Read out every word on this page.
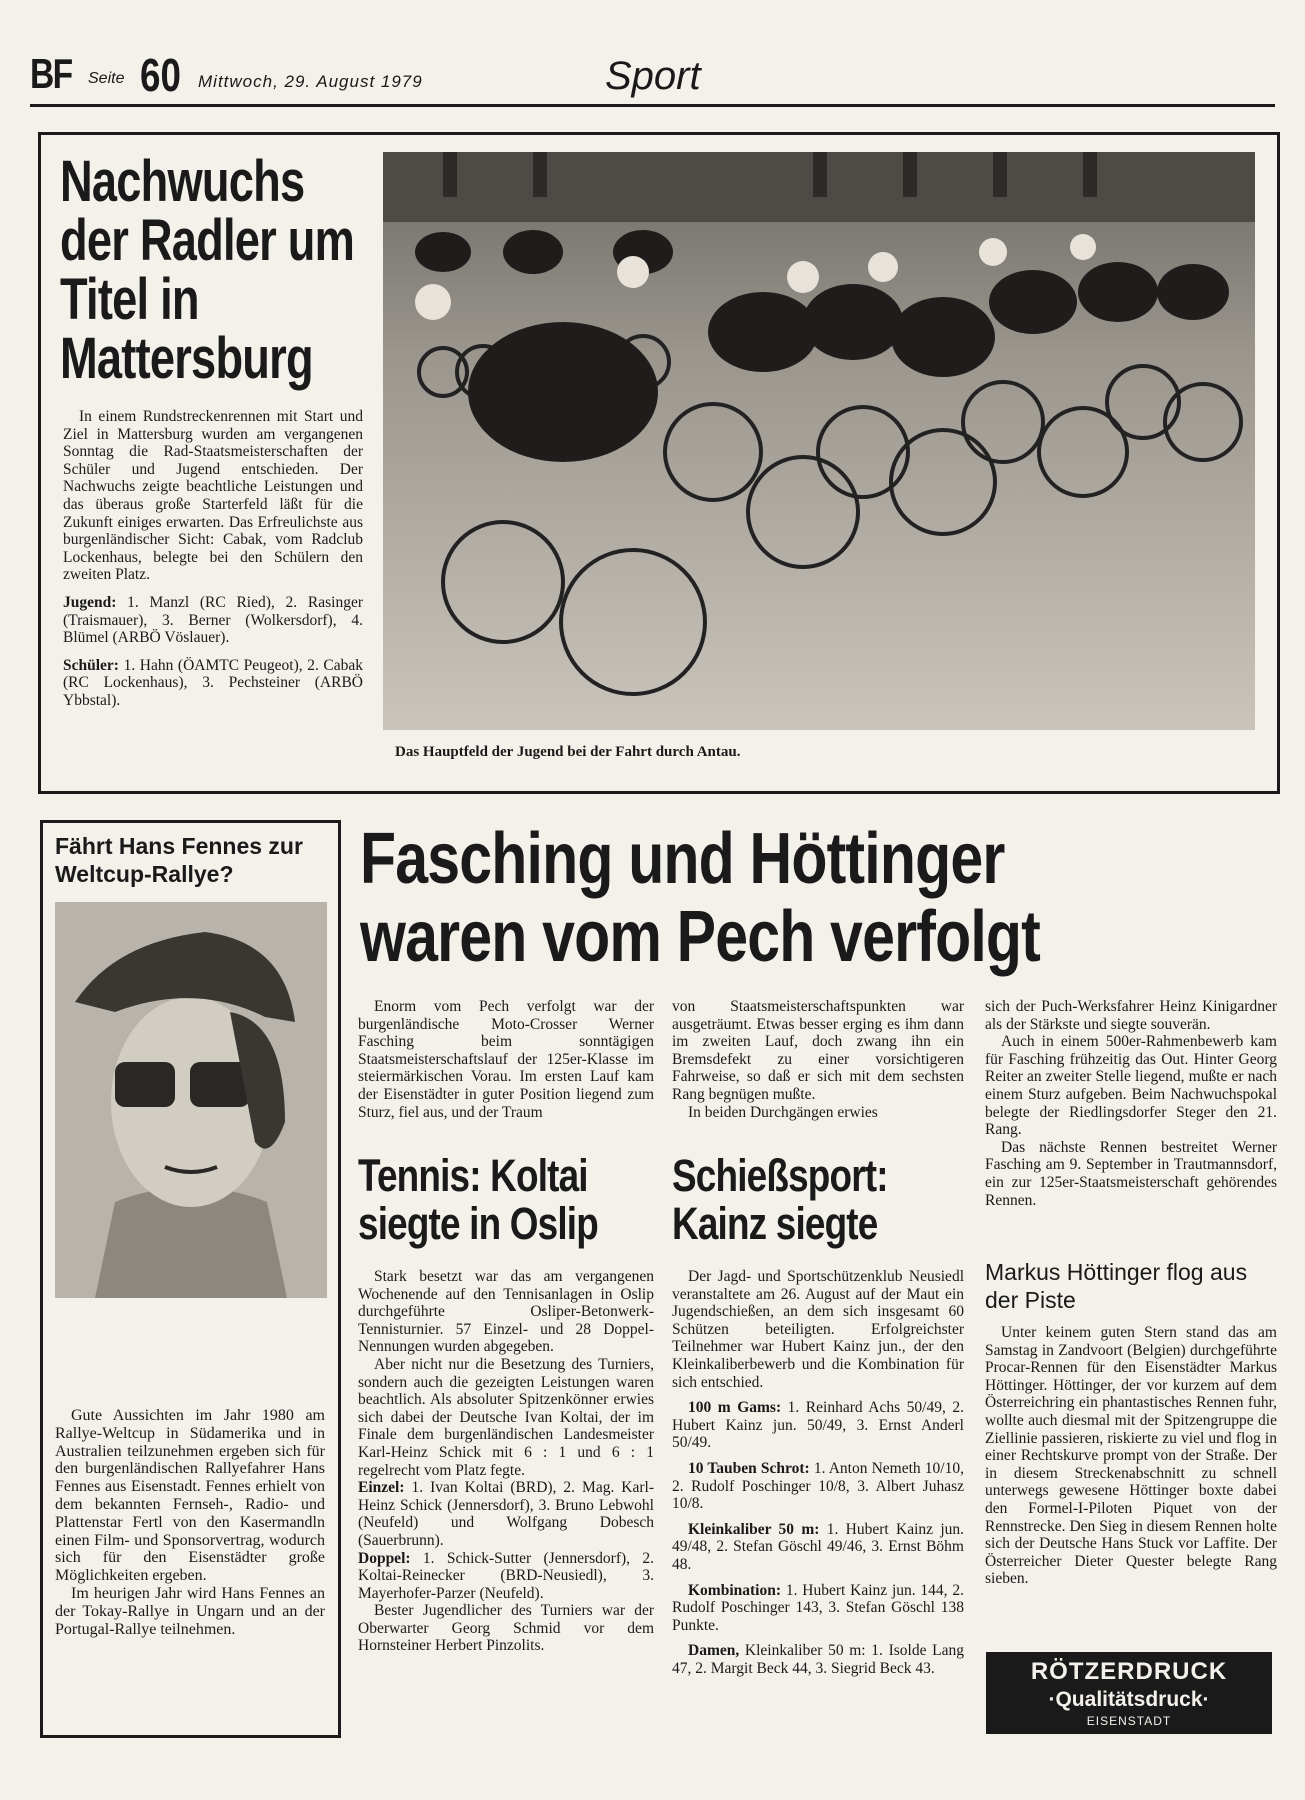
BF Seite 60 Mittwoch, 29. August 1979	Sport
Nachwuchs der Radler um Titel in Mattersburg

In einem Rundstreckenrennen mit Start und Ziel in Mattersburg wurden am vergangenen Sonntag die Rad-Staatsmeisterschaften der Schüler und Jugend entschieden. Der Nachwuchs zeigte beachtliche Leistungen und das überaus große Starterfeld läßt für die Zukunft einiges erwarten. Das Erfreulichste aus burgenländischer Sicht: Cabak, vom Radclub Lockenhaus, belegte bei den Schülern den zweiten Platz.

Jugend: 1. Manzl (RC Ried), 2. Rasinger (Traismauer), 3. Berner (Wolkersdorf), 4. Blümel (ARBÖ Vöslauer).

Schüler: 1. Hahn (ÖAMTC Peugeot), 2. Cabak (RC Lockenhaus), 3. Pechsteiner (ARBÖ Ybbstal).

Das Hauptfeld der Jugend bei der Fahrt durch Antau.
Fährt Hans Fennes zur Weltcup-Rallye?

Gute Aussichten im Jahr 1980 am Rallye-Weltcup in Südamerika und in Australien teilzunehmen ergeben sich für den burgenländischen Rallyefahrer Hans Fennes aus Eisenstadt. Fennes erhielt von dem bekannten Fernseh-, Radio- und Plattenstar Fertl von den Kasermandln einen Film- und Sponsorvertrag, wodurch sich für den Eisenstädter große Möglichkeiten ergeben.

Im heurigen Jahr wird Hans Fennes an der Tokay-Rallye in Ungarn und an der Portugal-Rallye teilnehmen.

Fasching und Höttinger waren vom Pech verfolgt

Enorm vom Pech verfolgt war der burgenländische Moto-Crosser Werner Fasching beim sonntägigen Staatsmeisterschaftslauf der 125er-Klasse im steiermärkischen Vorau. Im ersten Lauf kam der Eisenstädter in guter Position liegend zum Sturz, fiel aus, und der Traum

von Staatsmeisterschaftspunkten war ausgeträumt. Etwas besser erging es ihm dann im zweiten Lauf, doch zwang ihn ein Bremsdefekt zu einer vorsichtigeren Fahrweise, so daß er sich mit dem sechsten Rang begnügen mußte.

In beiden Durchgängen erwies

sich der Puch-Werksfahrer Heinz Kinigardner als der Stärkste und siegte souverän.

Auch in einem 500er-Rahmenbewerb kam für Fasching frühzeitig das Out. Hinter Georg Reiter an zweiter Stelle liegend, mußte er nach einem Sturz aufgeben. Beim Nachwuchspokal belegte der Riedlingsdorfer Steger den 21. Rang.

Das nächste Rennen bestreitet Werner Fasching am 9. September in Trautmannsdorf, ein zur 125er-Staatsmeisterschaft gehörendes Rennen.

Tennis: Koltai siegte in Oslip

Stark besetzt war das am vergangenen Wochenende auf den Tennisanlagen in Oslip durchgeführte Osliper-Betonwerk-Tennisturnier. 57 Einzel- und 28 Doppel-Nennungen wurden abgegeben.

Aber nicht nur die Besetzung des Turniers, sondern auch die gezeigten Leistungen waren beachtlich. Als absoluter Spitzenkönner erwies sich dabei der Deutsche Ivan Koltai, der im Finale dem burgenländischen Landesmeister Karl-Heinz Schick mit 6 : 1 und 6 : 1 regelrecht vom Platz fegte.

Einzel: 1. Ivan Koltai (BRD), 2. Mag. Karl-Heinz Schick (Jennersdorf), 3. Bruno Lebwohl (Neufeld) und Wolfgang Dobesch (Sauerbrunn).

Doppel: 1. Schick-Sutter (Jennersdorf), 2. Koltai-Reinecker (BRD-Neusiedl), 3. Mayerhofer-Parzer (Neufeld).

Bester Jugendlicher des Turniers war der Oberwarter Georg Schmid vor dem Hornsteiner Herbert Pinzolits.

Schießsport: Kainz siegte

Der Jagd- und Sportschützenklub Neusiedl veranstaltete am 26. August auf der Maut ein Jugendschießen, an dem sich insgesamt 60 Schützen beteiligten. Erfolgreichster Teilnehmer war Hubert Kainz jun., der den Kleinkaliberbewerb und die Kombination für sich entschied.

100 m Gams: 1. Reinhard Achs 50/49, 2. Hubert Kainz jun. 50/49, 3. Ernst Anderl 50/49.

10 Tauben Schrot: 1. Anton Nemeth 10/10, 2. Rudolf Poschinger 10/8, 3. Albert Juhasz 10/8.

Kleinkaliber 50 m: 1. Hubert Kainz jun. 49/48, 2. Stefan Göschl 49/46, 3. Ernst Böhm 48.

Kombination: 1. Hubert Kainz jun. 144, 2. Rudolf Poschinger 143, 3. Stefan Göschl 138 Punkte.

Damen, Kleinkaliber 50 m: 1. Isolde Lang 47, 2. Margit Beck 44, 3. Siegrid Beck 43.

Markus Höttinger flog aus der Piste

Unter keinem guten Stern stand das am Samstag in Zandvoort (Belgien) durchgeführte Procar-Rennen für den Eisenstädter Markus Höttinger. Höttinger, der vor kurzem auf dem Österreichring ein phantastisches Rennen fuhr, wollte auch diesmal mit der Spitzengruppe die Ziellinie passieren, riskierte zu viel und flog in einer Rechtskurve prompt von der Straße. Der in diesem Streckenabschnitt zu schnell unterwegs gewesene Höttinger boxte dabei den Formel-I-Piloten Piquet von der Rennstrecke. Den Sieg in diesem Rennen holte sich der Deutsche Hans Stuck vor Laffite. Der Österreicher Dieter Quester belegte Rang sieben.

RÖTZERDRUCK
·Qualitätsdruck·
EISENSTADT
